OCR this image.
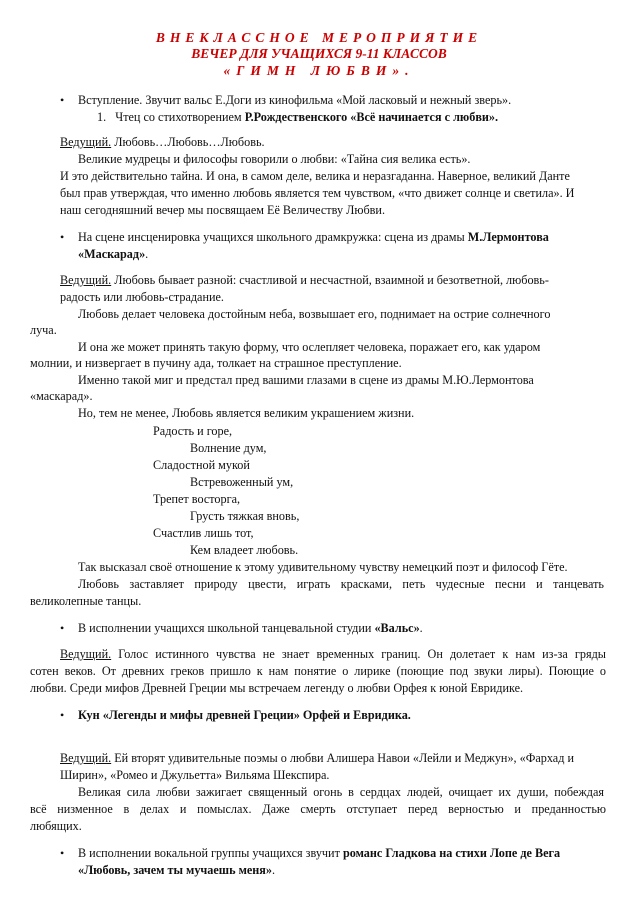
ВНЕКЛАССНОЕ МЕРОПРИЯТИЕ
ВЕЧЕР ДЛЯ УЧАЩИХСЯ 9-11 КЛАССОВ
«ГИМН ЛЮБВИ».
• Вступление. Звучит вальс Е.Доги из кинофильма «Мой ласковый и нежный зверь».
1. Чтец со стихотворением Р.Рождественского «Всё начинается с любви».
Ведущий. Любовь…Любовь…Любовь.
Великие мудрецы и философы говорили о любви: «Тайна сия велика есть».
И это действительно тайна. И она, в самом деле, велика и неразгаданна. Наверное, великий Данте
был прав утверждая, что именно любовь является тем чувством, «что движет солнце и светила». И
наш сегодняшний вечер мы посвящаем Её Величеству Любви.
• На сцене инсценировка учащихся школьного драмкружка: сцена из драмы М.Лермонтова
«Маскарад».
Ведущий. Любовь бывает разной: счастливой и несчастной, взаимной и безответной, любовь-
радость или любовь-страдание.
Любовь делает человека достойным неба, возвышает его, поднимает на острие солнечного
луча.
И она же может принять такую форму, что ослепляет человека, поражает его, как ударом
молнии, и низвергает в пучину ада, толкает на страшное преступление.
Именно такой миг и предстал пред вашими глазами в сцене из драмы М.Ю.Лермонтова
«маскарад».
Но, тем не менее, Любовь является великим украшением жизни.
Радость и горе,
Волнение дум,
Сладостной мукой
Встревоженный ум,
Трепет восторга,
Грусть тяжкая вновь,
Счастлив лишь тот,
Кем владеет любовь.
Так высказал своё отношение к этому удивительному чувству немецкий поэт и философ Гёте.
Любовь заставляет природу цвести, играть красками, петь чудесные песни и танцевать
великолепные танцы.
• В исполнении учащихся школьной танцевальной студии «Вальс».
Ведущий. Голос истинного чувства не знает временных границ. Он долетает к нам из-за гряды
сотен веков. От древних греков пришло к нам понятие о лирике (поющие под звуки лиры). Поющие о
любви. Среди мифов Древней Греции мы встречаем легенду о любви Орфея к юной Евридике.
• Кун «Легенды и мифы древней Греции» Орфей и Евридика.
Ведущий. Ей вторят удивительные поэмы о любви Алишера Навои «Лейли и Меджун», «Фархад и
Ширин», «Ромео и Джульетта» Вильяма Шекспира.
Великая сила любви зажигает священный огонь в сердцах людей, очищает их души, побеждая
всё низменное в делах и помыслах. Даже смерть отступает перед верностью и преданностью
любящих.
• В исполнении вокальной группы учащихся звучит романс Гладкова на стихи Лопе де Вега
«Любовь, зачем ты мучаешь меня».
